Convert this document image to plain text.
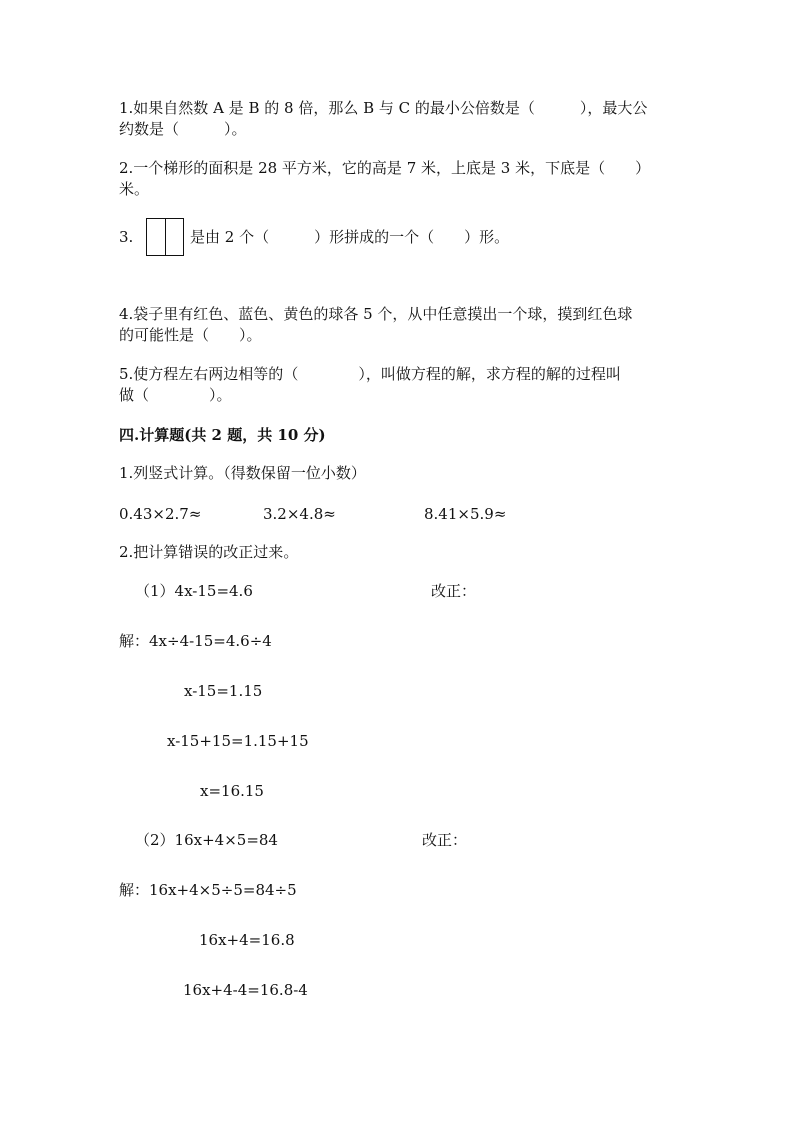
1.如果自然数 A 是 B 的 8 倍，那么 B 与 C 的最小公倍数是（　　　），最大公
约数是（　　　）。
2.一个梯形的面积是 28 平方米，它的高是 7 米，上底是 3 米，下底是（　　）
米。
3.	是由 2 个（　　　）形拼成的一个（　　）形。
4.袋子里有红色、蓝色、黄色的球各 5 个，从中任意摸出一个球，摸到红色球
的可能性是（　　）。
5.使方程左右两边相等的（　　　　），叫做方程的解，求方程的解的过程叫
做（　　　　）。
四.计算题(共 2 题，共 10 分)
1.列竖式计算。（得数保留一位小数）
0.43×2.7≈	3.2×4.8≈	8.41×5.9≈
2.把计算错误的改正过来。
（1）4x-15=4.6	改正：
解：4x÷4-15=4.6÷4
x-15=1.15
x-15+15=1.15+15
x=16.15
（2）16x+4×5=84	改正：
解：16x+4×5÷5=84÷5
16x+4=16.8
16x+4-4=16.8-4
